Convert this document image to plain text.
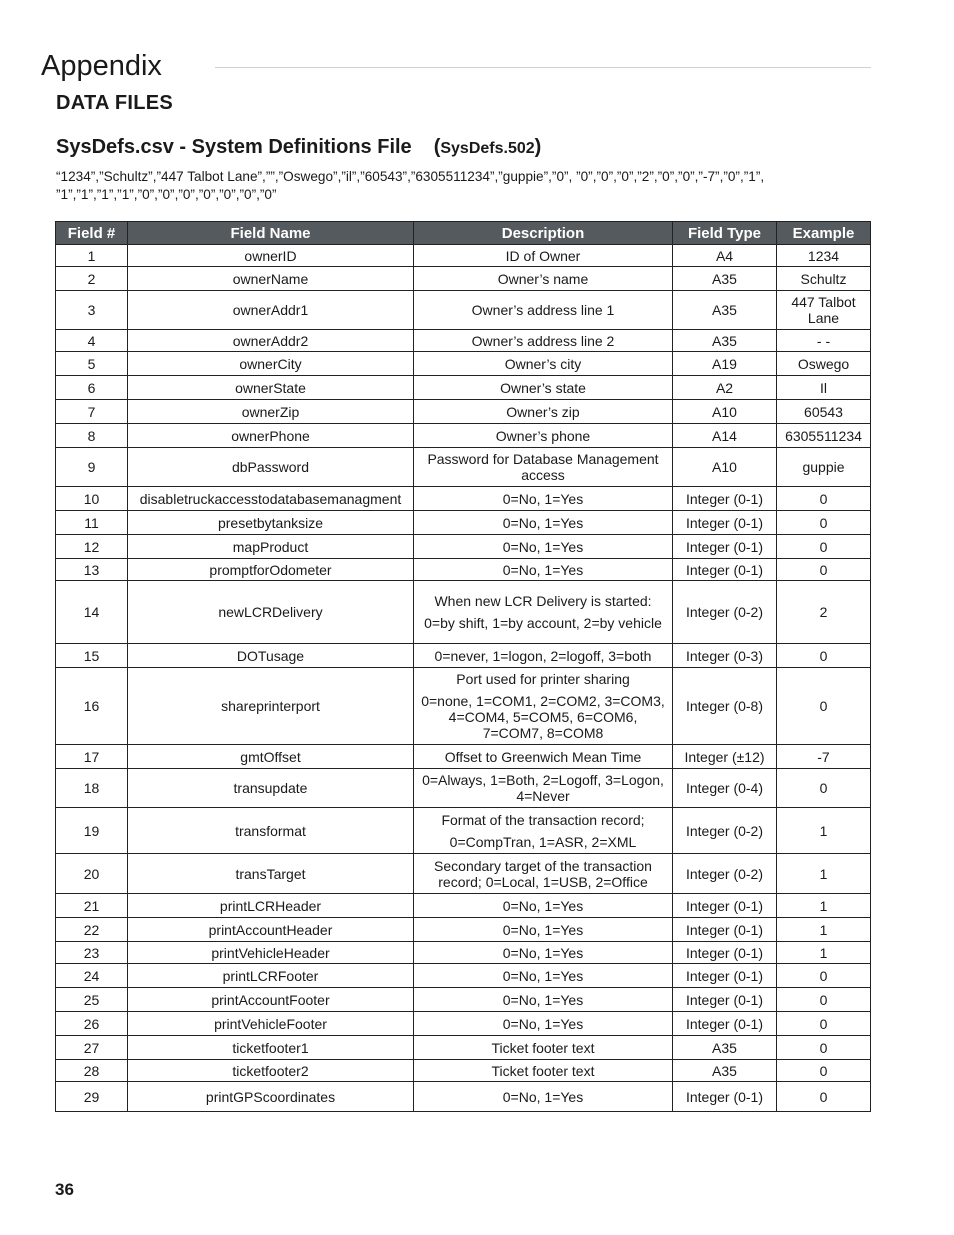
Appendix
DATA FILES
SysDefs.csv - System Definitions File (SysDefs.502)
“1234”,”Schultz”,”447 Talbot Lane”,””,”Oswego”,”il”,”60543”,”6305511234”,”guppie”,”0”, ”0”,”0”,”0”,”2”,”0”,”0”,”-7”,”0”,”1”, ”1”,”1”,”1”,”1”,”0”,”0”,”0”,”0”,”0”,”0”,”0”
Field #	Field Name	Description	Field Type	Example
1	ownerID	ID of Owner	A4	1234
2	ownerName	Owner’s name	A35	Schultz
3	ownerAddr1	Owner’s address line 1	A35	447 Talbot Lane
4	ownerAddr2	Owner’s address line 2	A35	- -
5	ownerCity	Owner’s city	A19	Oswego
6	ownerState	Owner’s state	A2	Il
7	ownerZip	Owner’s zip	A10	60543
8	ownerPhone	Owner’s phone	A14	6305511234
9	dbPassword	Password for Database Management access	A10	guppie
10	disabletruckaccesstodatabasemanagment	0=No, 1=Yes	Integer (0-1)	0
11	presetbytanksize	0=No, 1=Yes	Integer (0-1)	0
12	mapProduct	0=No, 1=Yes	Integer (0-1)	0
13	promptforOdometer	0=No, 1=Yes	Integer (0-1)	0
14	newLCRDelivery	When new LCR Delivery is started:
0=by shift, 1=by account, 2=by vehicle	Integer (0-2)	2
15	DOTusage	0=never, 1=logon, 2=logoff, 3=both	Integer (0-3)	0
16	shareprinterport	Port used for printer sharing
0=none, 1=COM1, 2=COM2, 3=COM3, 4=COM4, 5=COM5, 6=COM6, 7=COM7, 8=COM8	Integer (0-8)	0
17	gmtOffset	Offset to Greenwich Mean Time	Integer (±12)	-7
18	transupdate	0=Always, 1=Both, 2=Logoff, 3=Logon, 4=Never	Integer (0-4)	0
19	transformat	Format of the transaction record;
0=CompTran, 1=ASR, 2=XML	Integer (0-2)	1
20	transTarget	Secondary target of the transaction record; 0=Local, 1=USB, 2=Office	Integer (0-2)	1
21	printLCRHeader	0=No, 1=Yes	Integer (0-1)	1
22	printAccountHeader	0=No, 1=Yes	Integer (0-1)	1
23	printVehicleHeader	0=No, 1=Yes	Integer (0-1)	1
24	printLCRFooter	0=No, 1=Yes	Integer (0-1)	0
25	printAccountFooter	0=No, 1=Yes	Integer (0-1)	0
26	printVehicleFooter	0=No, 1=Yes	Integer (0-1)	0
27	ticketfooter1	Ticket footer text	A35	0
28	ticketfooter2	Ticket footer text	A35	0
29	printGPScoordinates	0=No, 1=Yes	Integer (0-1)	0
36
